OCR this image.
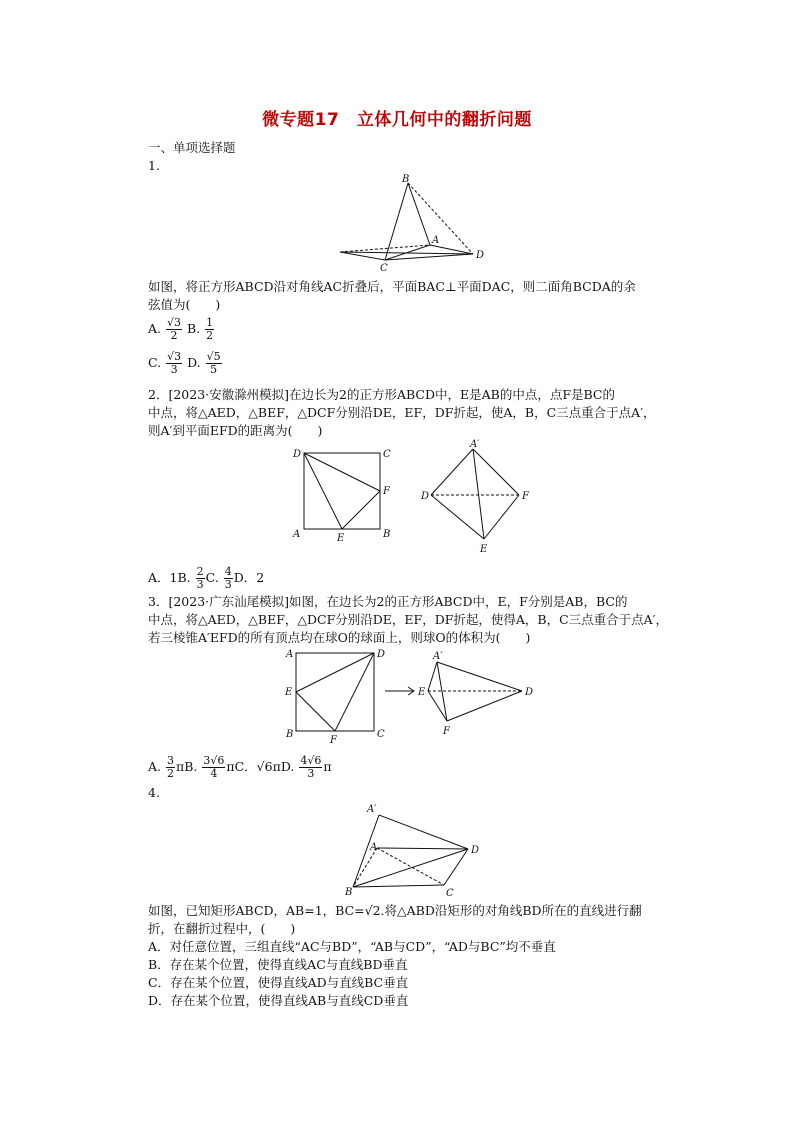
微专题17　立体几何中的翻折问题
一、单项选择题
1.
B
A
D
C
如图，将正方形ABCD沿对角线AC折叠后，平面BAC⊥平面DAC，则二面角BCDA的余
弦值为(　　)
A. $\frac{√3}{2} B$. $\frac{1}{2}$
C. $\frac{√3}{3} D$. $\frac{√5}{5}$
2．[2023·安徽滁州模拟]在边长为2的正方形ABCD中，E是AB的中点，点F是BC的
中点，将△AED，△BEF，△DCF分别沿DE，EF，DF折起，使A，B，C三点重合于点A′，
则A′到平面EFD的距离为(　　)
D	C
F
A	E	B
A′
D	F
E
A．1B. $\frac{2}{3} C$. $\frac{4}{3}$ D．2
3．[2023·广东汕尾模拟]如图，在边长为2的正方形ABCD中，E，F分别是AB，BC的
中点，将△AED，△BEF，△DCF分别沿DE，EF，DF折起，使得A，B，C三点重合于点A′，
若三棱锥A′EFD的所有顶点均在球O的球面上，则球O的体积为(　　)
A	D
E
B
F
C
A′
E	D
F
A. $\frac{3}{2} \pi B$. $\frac{3√6}{4}$ πC．√6πD. $\frac{4√6}{3}$ π
4.
A′
A	D
B	C
如图，已知矩形ABCD，AB=1，BC=√2.将△ABD沿矩形的对角线BD所在的直线进行翻
折，在翻折过程中，(　　)
A．对任意位置，三组直线“AC与BD”，“AB与CD”，“AD与BC”均不垂直
B．存在某个位置，使得直线AC与直线BD垂直
C．存在某个位置，使得直线AD与直线BC垂直
D．存在某个位置，使得直线AB与直线CD垂直
